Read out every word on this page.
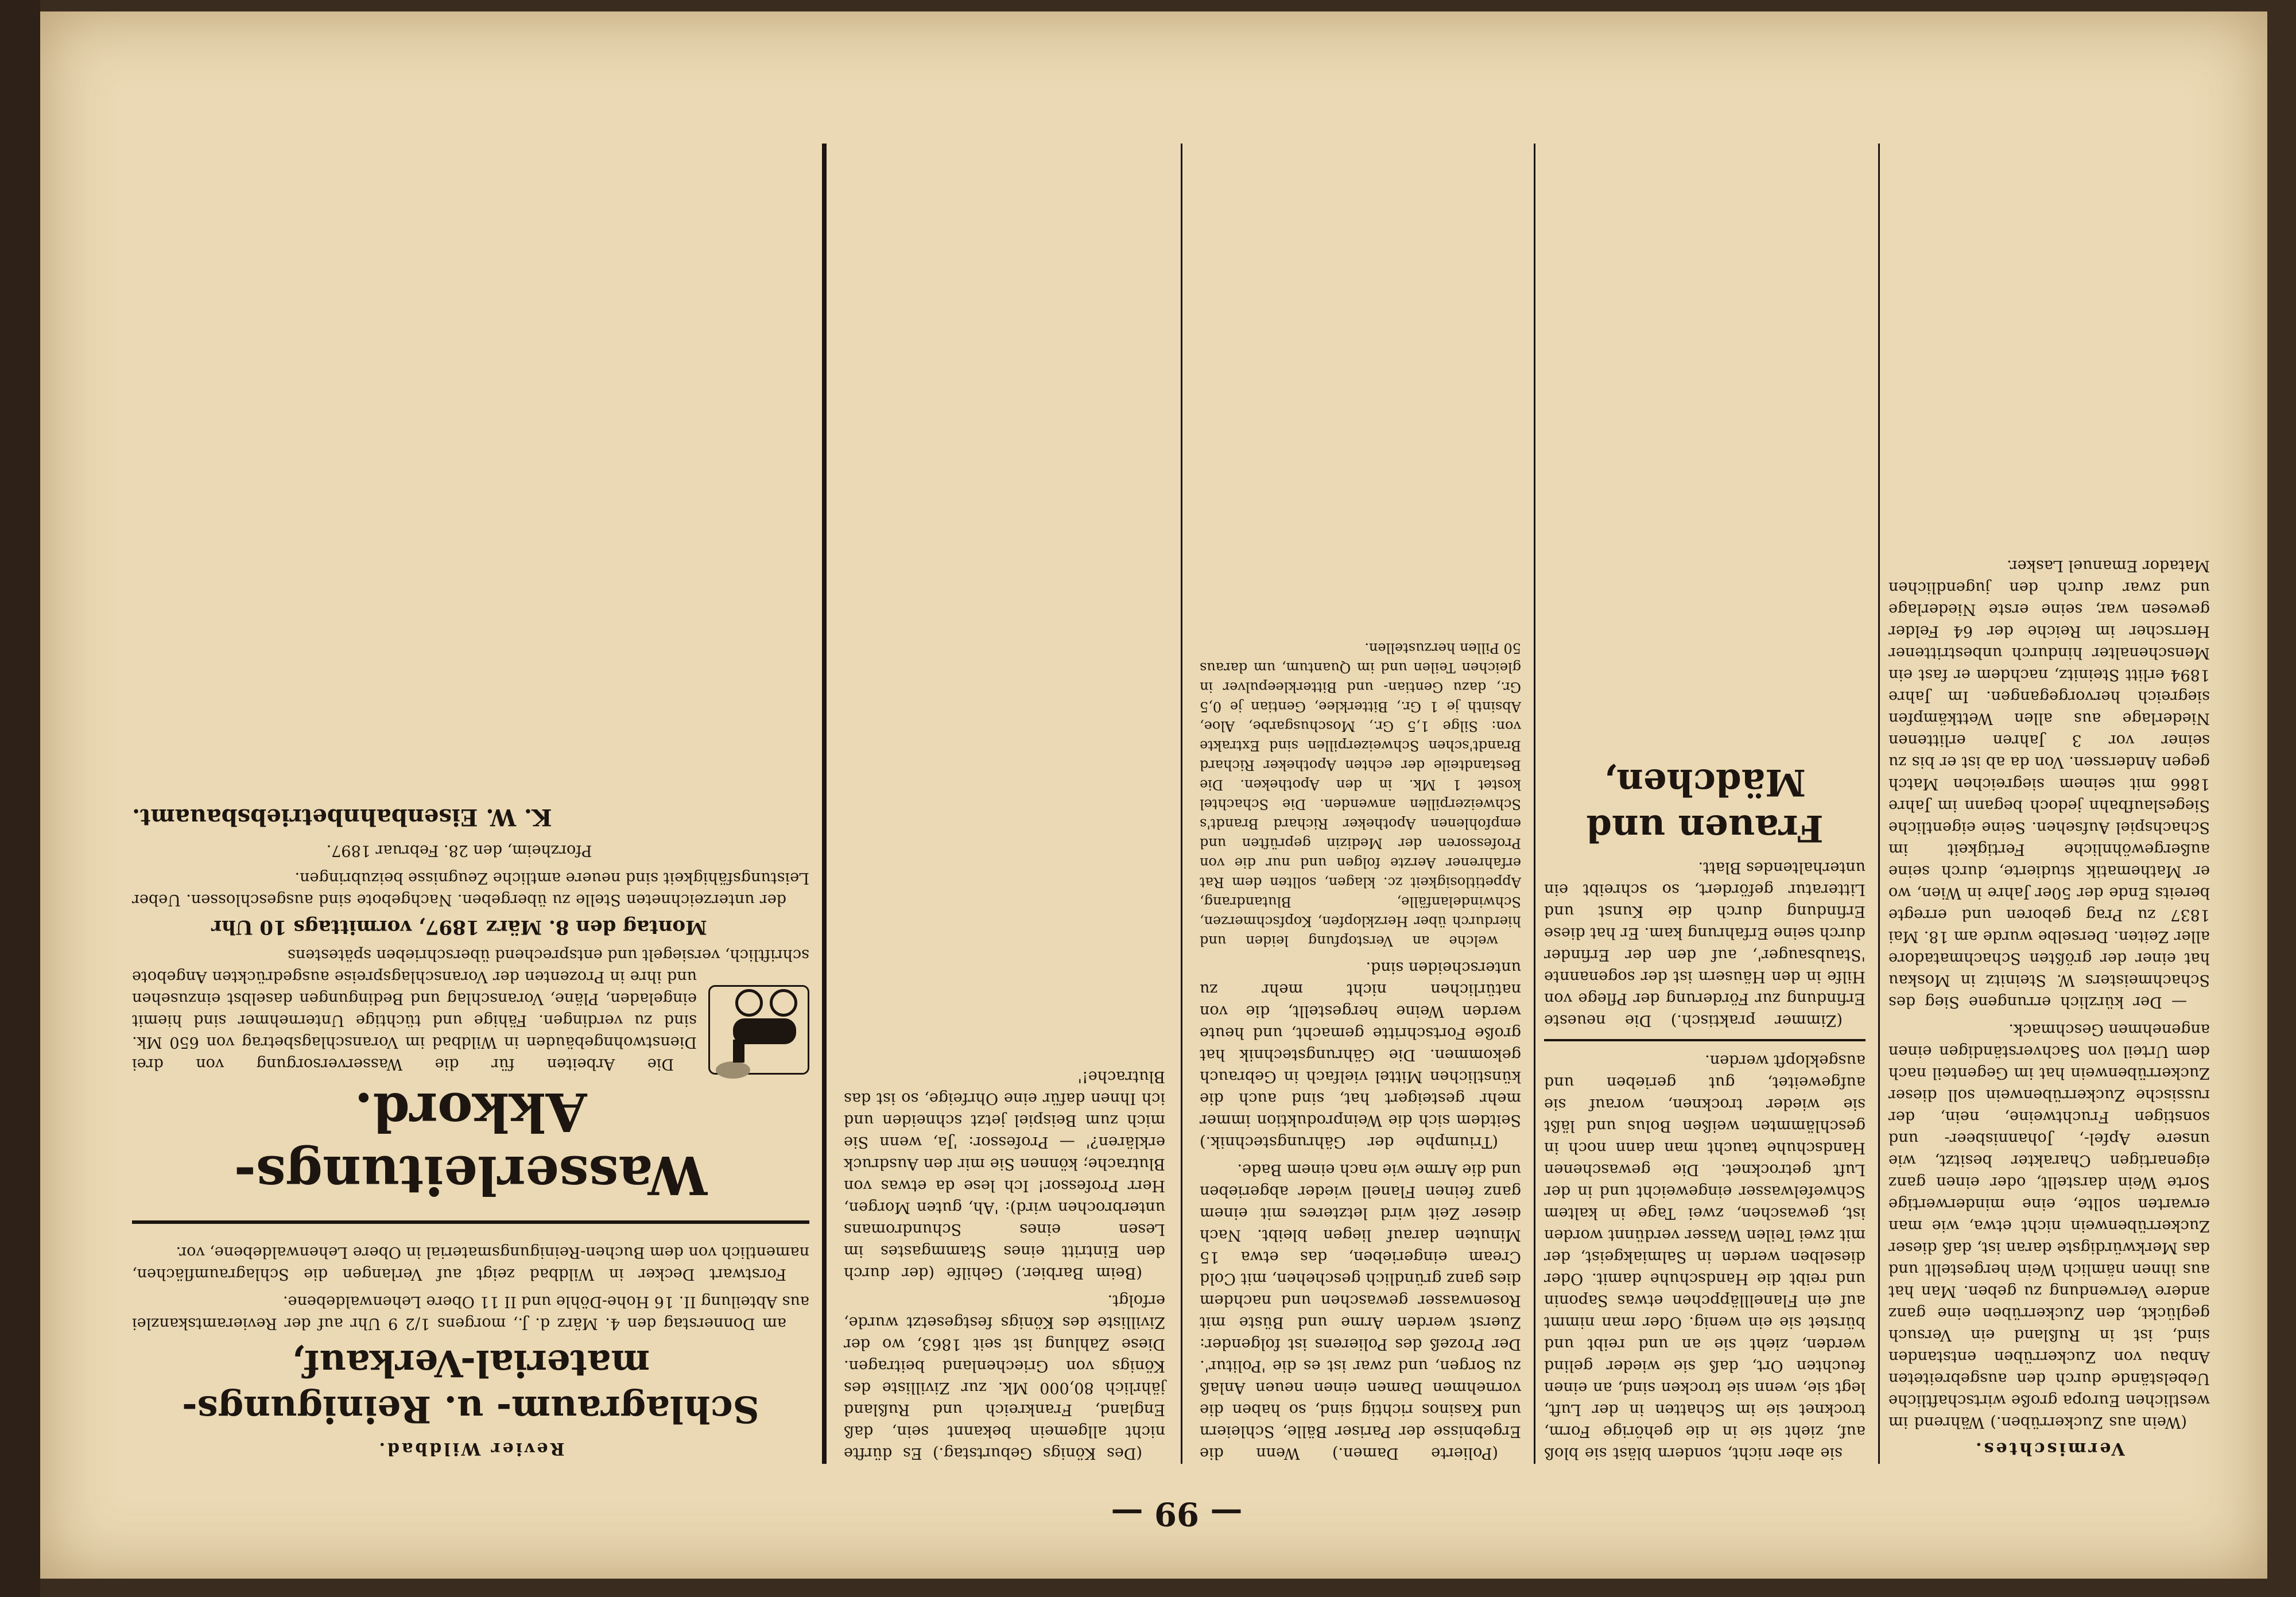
— 99 —
Vermischtes.

(Wein aus Zuckerrüben.) Während im westlichen Europa große wirtschaftliche Uebelstände durch den ausgebreiteten Anbau von Zuckerrüben entstanden sind, ist in Rußland ein Versuch geglückt, den Zuckerrüben eine ganz andere Verwendung zu geben. Man hat aus ihnen nämlich Wein hergestellt und das Merkwürdigste daran ist, daß dieser Zuckerrübenwein nicht etwa, wie man erwarten sollte, eine minderwertige Sorte Wein darstellt, oder einen ganz eigenartigen Charakter besitzt, wie unsere Apfel-, Johannisbeer- und sonstigen Fruchtweine, nein, der russische Zuckerrübenwein soll dieser Zuckerrübenwein hat im Gegenteil nach dem Urteil von Sachverständigen einen angenehmen Geschmack.

— Der kürzlich errungene Sieg des Schachmeisters W. Steinitz in Moskau hat einer der größten Schachmatadore aller Zeiten. Derselbe wurde am 18. Mai 1837 zu Prag geboren und erregte bereits Ende der 50er Jahre in Wien, wo er Mathematik studierte, durch seine außergewöhnliche Fertigkeit im Schachspiel Aufsehen. Seine eigentliche Siegeslaufbahn jedoch begann im Jahre 1866 mit seinem siegreichen Match gegen Anderssen. Von da ab ist er bis zu seiner vor 3 Jahren erlittenen Niederlage aus allen Wettkämpfen siegreich hervorgegangen. Im Jahre 1894 erlitt Steinitz, nachdem er fast ein Menschenalter hindurch unbestrittener Herrscher im Reiche der 64 Felder gewesen war, seine erste Niederlage und zwar durch den jugendlichen Matador Emanuel Lasker.

sie aber nicht, sondern bläst sie bloß auf, zieht sie in die gehörige Form, trocknet sie im Schatten in der Luft, legt sie, wenn sie trocken sind, an einen feuchten Ort, daß sie wieder gelind werden, zieht sie an und reibt und bürstet sie ein wenig. Oder man nimmt auf ein Flanellläppchen etwas Saponin und reibt die Handschuhe damit. Oder dieselben werden in Salmiakgeist, der mit zwei Teilen Wasser verdünnt worden ist, gewaschen, zwei Tage in kaltem Schwefelwasser eingeweicht und in der Luft getrocknet. Die gewaschenen Handschuhe taucht man dann noch in geschlämmten weißen Bolus und läßt sie wieder trocknen, worauf sie aufgeweitet, gut gerieben und ausgeklopft werden.

(Zimmer praktisch.) Die neueste Erfindung zur Förderung der Pflege von Hilfe in den Häusern ist der sogenannte 'Staubsauger', auf den der Erfinder durch seine Erfahrung kam. Er hat diese Erfindung durch die Kunst und Litteratur gefördert, so schreibt ein unterhaltendes Blatt.

Frauen und Mädchen,

(Polierte Damen.) Wenn die Ergebnisse der Pariser Bälle, Schleiern und Kasinos richtig sind, so haben die vornehmen Damen einen neuen Anlaß zu Sorgen, und zwar ist es die 'Politur'. Der Prozeß des Polierens ist folgender: Zuerst werden Arme und Büste mit Rosenwasser gewaschen und nachdem dies ganz gründlich geschehen, mit Cold Cream eingerieben, das etwa 15 Minuten darauf liegen bleibt. Nach dieser Zeit wird letzteres mit einem ganz feinen Flanell wieder abgerieben und die Arme wie nach einem Bade.

(Triumphe der Gährungstechnik.) Seitdem sich die Weinproduktion immer mehr gesteigert hat, sind auch die künstlichen Mittel vielfach in Gebrauch gekommen. Die Gährungstechnik hat große Fortschritte gemacht, und heute werden Weine hergestellt, die von natürlichen nicht mehr zu unterscheiden sind.

welche an Verstopfung leiden und hierdurch über Herzklopfen, Kopfschmerzen, Schwindelanfälle, Blutandrang, Appetitlosigkeit zc. klagen, sollten dem Rat erfahrener Aerzte folgen und nur die von Professoren der Medizin geprüften und empfohlenen Apotheker Richard Brandt's Schweizerpillen anwenden. Die Schachtel kostet 1 Mk. in den Apotheken. Die Bestandteile der echten Apotheker Richard Brandt'schen Schweizerpillen sind Extrakte von: Silge 1,5 Gr., Moschusgarbe, Aloe, Absinth je 1 Gr., Bitterklee, Gentian je 0,5 Gr., dazu Gentian- und Bitterkleepulver in gleichen Teilen und im Quantum, um daraus 50 Pillen herzustellen.

(Des Königs Geburtstag.) Es dürfte nicht allgemein bekannt sein, daß England, Frankreich und Rußland jährlich 80,000 Mk. zur Zivilliste des Königs von Griechenland beitragen. Diese Zahlung ist seit 1863, wo der Zivilliste des Königs festgesetzt wurde, erfolgt.

(Beim Barbier.) Gehilfe (der durch den Eintritt eines Stammgastes im Lesen eines Schundromans unterbrochen wird): 'Ah, guten Morgen, Herr Professor! Ich lese da etwas von Blutrache; können Sie mir den Ausdruck erklären?' — Professor: 'Ja, wenn Sie mich zum Beispiel jetzt schneiden und ich Ihnen dafür eine Ohrfeige, so ist das Blutrache!'

Revier Wildbad.
Schlagraum- u. Reinigungs-material-Verkauf,

am Donnerstag den 4. März d. J., morgens 1/2 9 Uhr auf der Revieramtskanzlei aus Abteilung II. 16 Hohe-Döhle und II 11 Obere Lehenwaldebene.

Forstwart Decker in Wildbad zeigt auf Verlangen die Schlagraumflächen, namentlich von dem Buchen-Reinigungsmaterial in Obere Lehenwaldebene, vor.

Wasserleitungs-Akkord.

Die Arbeiten für die Wasserversorgung von drei Dienstwohngebäuden in Wildbad im Voranschlagsbetrag von 650 Mk. sind zu verdingen. Fähige und tüchtige Unternehmer sind hiemit eingeladen, Pläne, Voranschlag und Bedingungen daselbst einzusehen und ihre in Prozenten der Voranschlagspreise ausgedrückten Angebote schriftlich, versiegelt und entsprechend überschrieben spätestens

Montag den 8. März 1897, vormittags 10 Uhr

der unterzeichneten Stelle zu übergeben. Nachgebote sind ausgeschlossen. Ueber Leistungsfähigkeit sind neuere amtliche Zeugnisse beizubringen.

Pforzheim, den 28. Februar 1897.

K. W. Eisenbahnbetriebsbauamt.
